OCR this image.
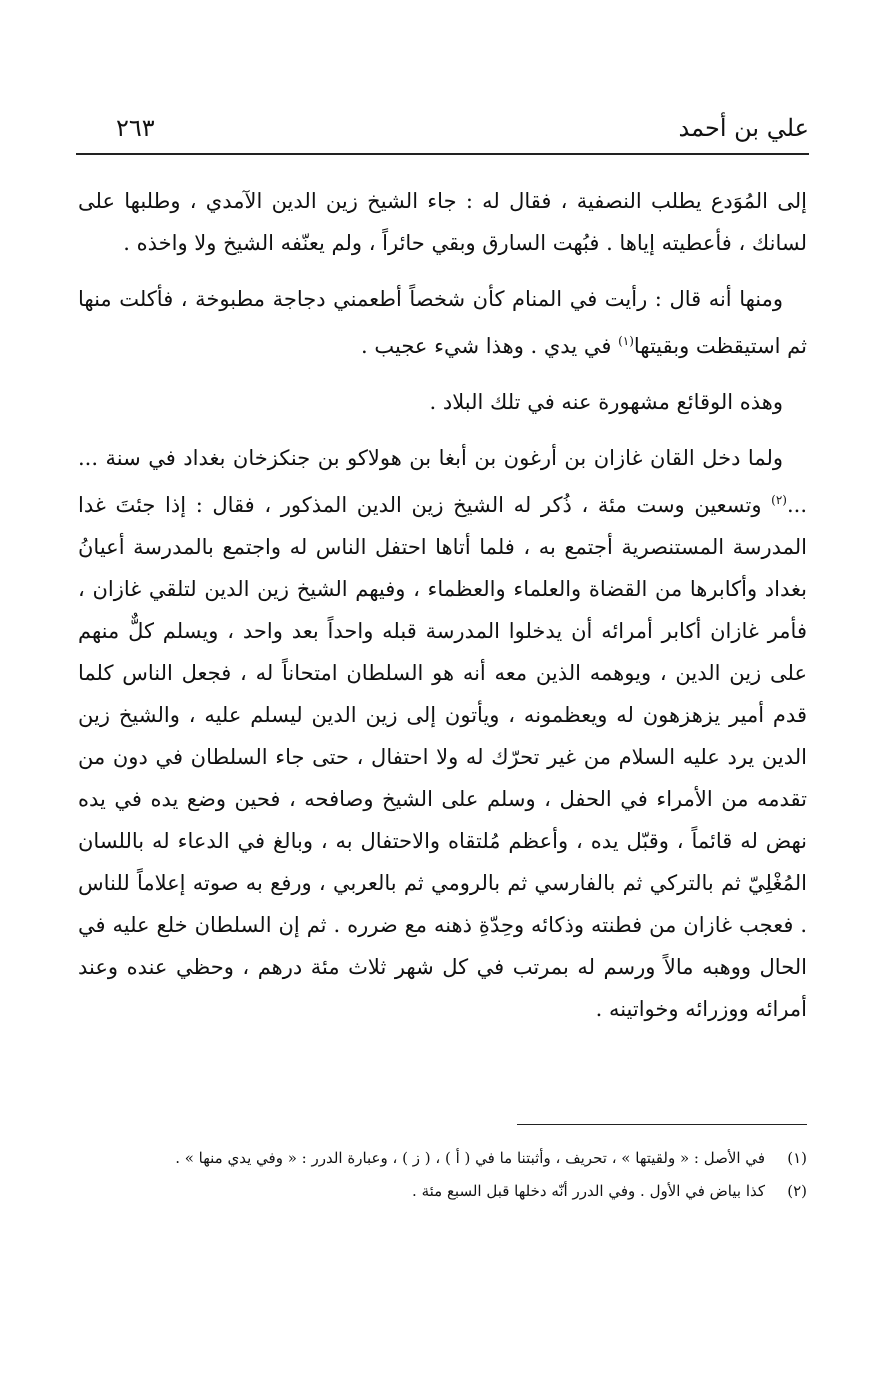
علي بن أحمد
٢٦٣

إلى المُوَدع يطلب النصفية ، فقال له : جاء الشيخ زين الدين الآمدي ، وطلبها على لسانك ، فأعطيته إياها . فبُهت السارق وبقي حائراً ، ولم يعنّفه الشيخ ولا واخذه .

ومنها أنه قال : رأيت في المنام كأن شخصاً أطعمني دجاجة مطبوخة ، فأكلت منها ثم استيقظت وبقيتها$^{(١)}$ في يدي . وهذا شيء عجيب .

وهذه الوقائع مشهورة عنه في تلك البلاد .

ولما دخل القان غازان بن أرغون بن أبغا بن هولاكو بن جنكزخان بغداد في سنة ... ...$^{(٢)}$ وتسعين وست مئة ، ذُكر له الشيخ زين الدين المذكور ، فقال : إذا جئتَ غدا المدرسة المستنصرية أجتمع به ، فلما أتاها احتفل الناس له واجتمع بالمدرسة أعيانُ بغداد وأكابرها من القضاة والعلماء والعظماء ، وفيهم الشيخ زين الدين لتلقي غازان ، فأمر غازان أكابر أمرائه أن يدخلوا المدرسة قبله واحداً بعد واحد ، ويسلم كلٌّ منهم على زين الدين ، ويوهمه الذين معه أنه هو السلطان امتحاناً له ، فجعل الناس كلما قدم أمير يزهزهون له ويعظمونه ، ويأتون إلى زين الدين ليسلم عليه ، والشيخ زين الدين يرد عليه السلام من غير تحرّك له ولا احتفال ، حتى جاء السلطان في دون من تقدمه من الأمراء في الحفل ، وسلم على الشيخ وصافحه ، فحين وضع يده في يده نهض له قائماً ، وقبّل يده ، وأعظم مُلتقاه والاحتفال به ، وبالغ في الدعاء له باللسان المُغْلِيّ ثم بالتركي ثم بالفارسي ثم بالرومي ثم بالعربي ، ورفع به صوته إعلاماً للناس . فعجب غازان من فطنته وذكائه وحِدّةِ ذهنه مع ضرره . ثم إن السلطان خلع عليه في الحال ووهبه مالاً ورسم له بمرتب في كل شهر ثلاث مئة درهم ، وحظي عنده وعند أمرائه ووزرائه وخواتينه .

(١)
في الأصل : « ولقيتها » ، تحريف ، وأثبتنا ما في ( أ ) ، ( ز ) ، وعبارة الدرر : « وفي يدي منها » .
(٢)
كذا بياض في الأول . وفي الدرر أنّه دخلها قبل السبع مئة .
